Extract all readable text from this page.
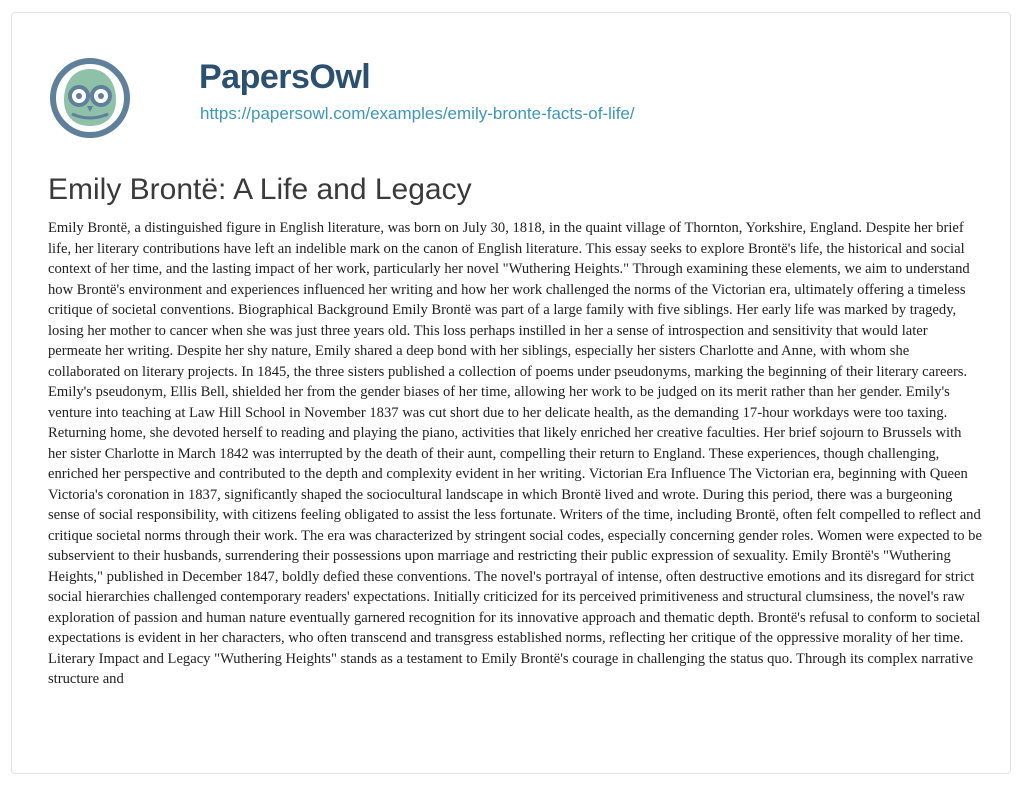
PapersOwl
https://papersowl.com/examples/emily-bronte-facts-of-life/
Emily Brontë: A Life and Legacy

Emily Brontë, a distinguished figure in English literature, was born on July 30, 1818, in the quaint village of Thornton, Yorkshire, England. Despite her brief life, her literary contributions have left an indelible mark on the canon of English literature. This essay seeks to explore Brontë's life, the historical and social context of her time, and the lasting impact of her work, particularly her novel "Wuthering Heights." Through examining these elements, we aim to understand how Brontë's environment and experiences influenced her writing and how her work challenged the norms of the Victorian era, ultimately offering a timeless critique of societal conventions. Biographical Background Emily Brontë was part of a large family with five siblings. Her early life was marked by tragedy, losing her mother to cancer when she was just three years old. This loss perhaps instilled in her a sense of introspection and sensitivity that would later permeate her writing. Despite her shy nature, Emily shared a deep bond with her siblings, especially her sisters Charlotte and Anne, with whom she collaborated on literary projects. In 1845, the three sisters published a collection of poems under pseudonyms, marking the beginning of their literary careers. Emily's pseudonym, Ellis Bell, shielded her from the gender biases of her time, allowing her work to be judged on its merit rather than her gender. Emily's venture into teaching at Law Hill School in November 1837 was cut short due to her delicate health, as the demanding 17-hour workdays were too taxing. Returning home, she devoted herself to reading and playing the piano, activities that likely enriched her creative faculties. Her brief sojourn to Brussels with her sister Charlotte in March 1842 was interrupted by the death of their aunt, compelling their return to England. These experiences, though challenging, enriched her perspective and contributed to the depth and complexity evident in her writing. Victorian Era Influence The Victorian era, beginning with Queen Victoria's coronation in 1837, significantly shaped the sociocultural landscape in which Brontë lived and wrote. During this period, there was a burgeoning sense of social responsibility, with citizens feeling obligated to assist the less fortunate. Writers of the time, including Brontë, often felt compelled to reflect and critique societal norms through their work. The era was characterized by stringent social codes, especially concerning gender roles. Women were expected to be subservient to their husbands, surrendering their possessions upon marriage and restricting their public expression of sexuality. Emily Brontë's "Wuthering Heights," published in December 1847, boldly defied these conventions. The novel's portrayal of intense, often destructive emotions and its disregard for strict social hierarchies challenged contemporary readers' expectations. Initially criticized for its perceived primitiveness and structural clumsiness, the novel's raw exploration of passion and human nature eventually garnered recognition for its innovative approach and thematic depth. Brontë's refusal to conform to societal expectations is evident in her characters, who often transcend and transgress established norms, reflecting her critique of the oppressive morality of her time. Literary Impact and Legacy "Wuthering Heights" stands as a testament to Emily Brontë's courage in challenging the status quo. Through its complex narrative structure and
